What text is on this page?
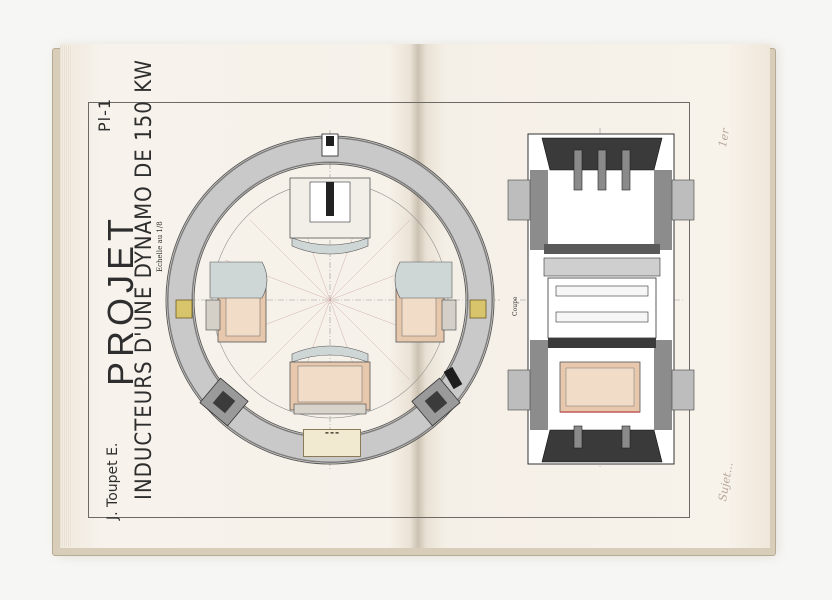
▬ ▬ ▬
Pl-1
PROJET
INDUCTEURS D'UNE DYNAMO DE 150 KW Echelle au 1/8
J. Toupet E.
Coupe
1er
Sujet...
